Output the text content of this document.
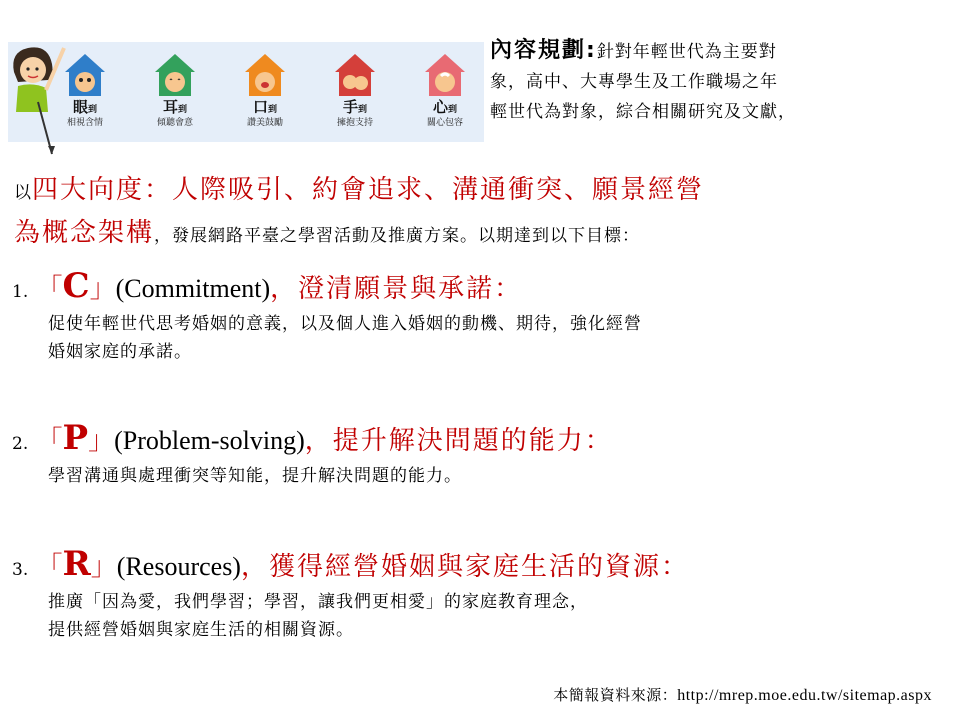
眼到
相視含情
耳到
傾聽會意
口到
讚美鼓勵
手到
擁抱支持
心到
關心包容
內容規劃:針對年輕世代為主要對
象，高中、大專學生及工作職場之年
輕世代為對象，綜合相關研究及文獻，
以四大向度：人際吸引、約會追求、溝通衝突、願景經營
為概念架構，發展網路平臺之學習活動及推廣方案。以期達到以下目標：
1. 「C」(Commitment)，澄清願景與承諾：
促使年輕世代思考婚姻的意義，以及個人進入婚姻的動機、期待，強化經營
婚姻家庭的承諾。
2. 「P」(Problem-solving)，提升解決問題的能力：
學習溝通與處理衝突等知能，提升解決問題的能力。
3. 「R」(Resources)，獲得經營婚姻與家庭生活的資源：
推廣「因為愛，我們學習；學習，讓我們更相愛」的家庭教育理念，
提供經營婚姻與家庭生活的相關資源。
本簡報資料來源：http://mrep.moe.edu.tw/sitemap.aspx
